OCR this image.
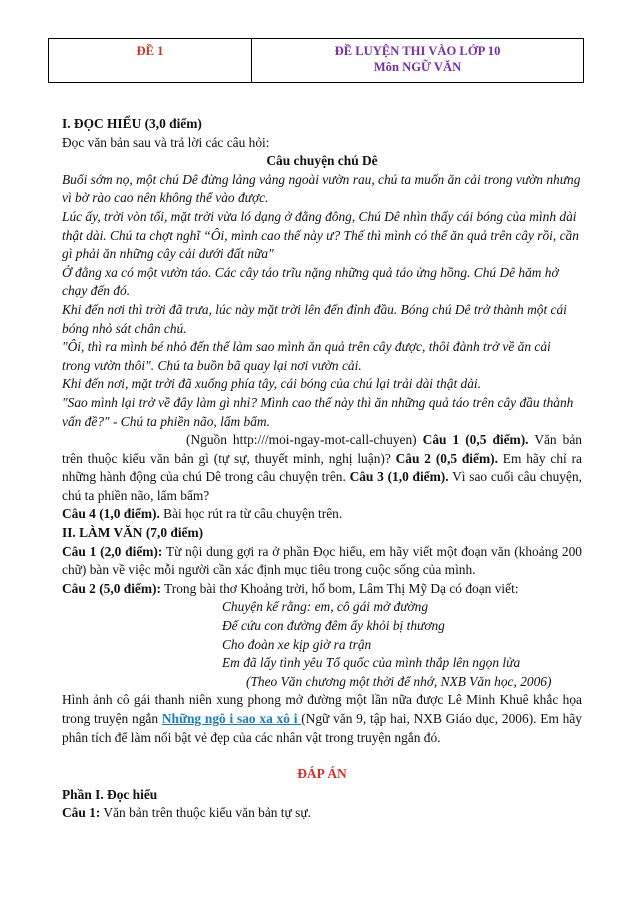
ĐỀ 1	ĐỀ LUYỆN THI VÀO LỚP 10
Môn NGỮ VĂN

I. ĐỌC HIỂU (3,0 điểm)

Đọc văn bản sau và trả lời các câu hỏi:

Câu chuyện chú Dê

Buổi sớm nọ, một chú Dê đừng lảng vảng ngoài vườn rau, chú ta muốn ăn cải trong vườn nhưng vì bờ rào cao nên không thể vào được.

Lúc ấy, trời vòn tối, mặt trời vừa ló dạng ở đằng đông, Chú Dê nhìn thấy cái bóng của mình dài thật dài. Chú ta chợt nghĩ “Ôi, mình cao thế này ư? Thế thì mình có thể ăn quả trên cây rồi, cần gì phải ăn những cây cải dưới đất nữa"

Ở đằng xa có một vườn táo. Các cây táo trĩu nặng những quả táo ửng hồng. Chú Dê hăm hở chạy đến đó.

Khi đến nơi thì trời đã trưa, lúc này mặt trời lên đến đỉnh đầu. Bóng chú Dê trở thành một cái bóng nhỏ sát chân chú.

"Ôi, thì ra mình bé nhỏ đến thế làm sao mình ăn quả trên cây được, thôi đành trở về ăn cải trong vườn thôi". Chú ta buồn bã quay lại nơi vườn cải.

Khi đến nơi, mặt trời đã xuống phía tây, cái bóng của chú lại trải dài thật dài.

"Sao mình lại trở về đây làm gì nhỉ? Mình cao thế này thì ăn những quả táo trên cây đầu thành vấn đề?" - Chú ta phiền não, lẩm bẩm.

(Nguồn http:///moi-ngay-mot-call-chuyen) Câu 1 (0,5 điểm). Văn bản trên thuộc kiểu văn bản gì (tự sự, thuyết minh, nghị luận)? Câu 2 (0,5 điểm). Em hãy chỉ ra những hành động của chú Dê trong câu chuyện trên. Câu 3 (1,0 điểm). Vì sao cuối câu chuyện, chú ta phiền não, lẩm bẩm?

Câu 4 (1,0 điểm). Bài học rút ra từ câu chuyện trên.

II. LÀM VĂN (7,0 điểm)

Câu 1 (2,0 điểm): Từ nội dung gợi ra ở phần Đọc hiểu, em hãy viết một đoạn văn (khoảng 200 chữ) bàn về việc mỗi người cần xác định mục tiêu trong cuộc sống của mình.

Câu 2 (5,0 điểm): Trong bài thơ Khoảng trời, hố bom, Lâm Thị Mỹ Dạ có đoạn viết:

Chuyện kể rằng: em, cô gái mở đường

Để cứu con đường đêm ấy khỏi bị thương

Cho đoàn xe kịp giờ ra trận

Em đã lấy tình yêu Tổ quốc của mình thắp lên ngọn lửa

(Theo Văn chương một thời để nhớ, NXB Văn học, 2006)

Hình ảnh cô gái thanh niên xung phong mở đường một lần nữa được Lê Minh Khuê khắc họa trong truyện ngắn Những ngô i sao xa xô i (Ngữ văn 9, tập hai, NXB Giáo dục, 2006). Em hãy phân tích để làm nổi bật vẻ đẹp của các nhân vật trong truyện ngắn đó.

ĐÁP ÁN

Phần I. Đọc hiểu

Câu 1: Văn bản trên thuộc kiểu văn bản tự sự.
